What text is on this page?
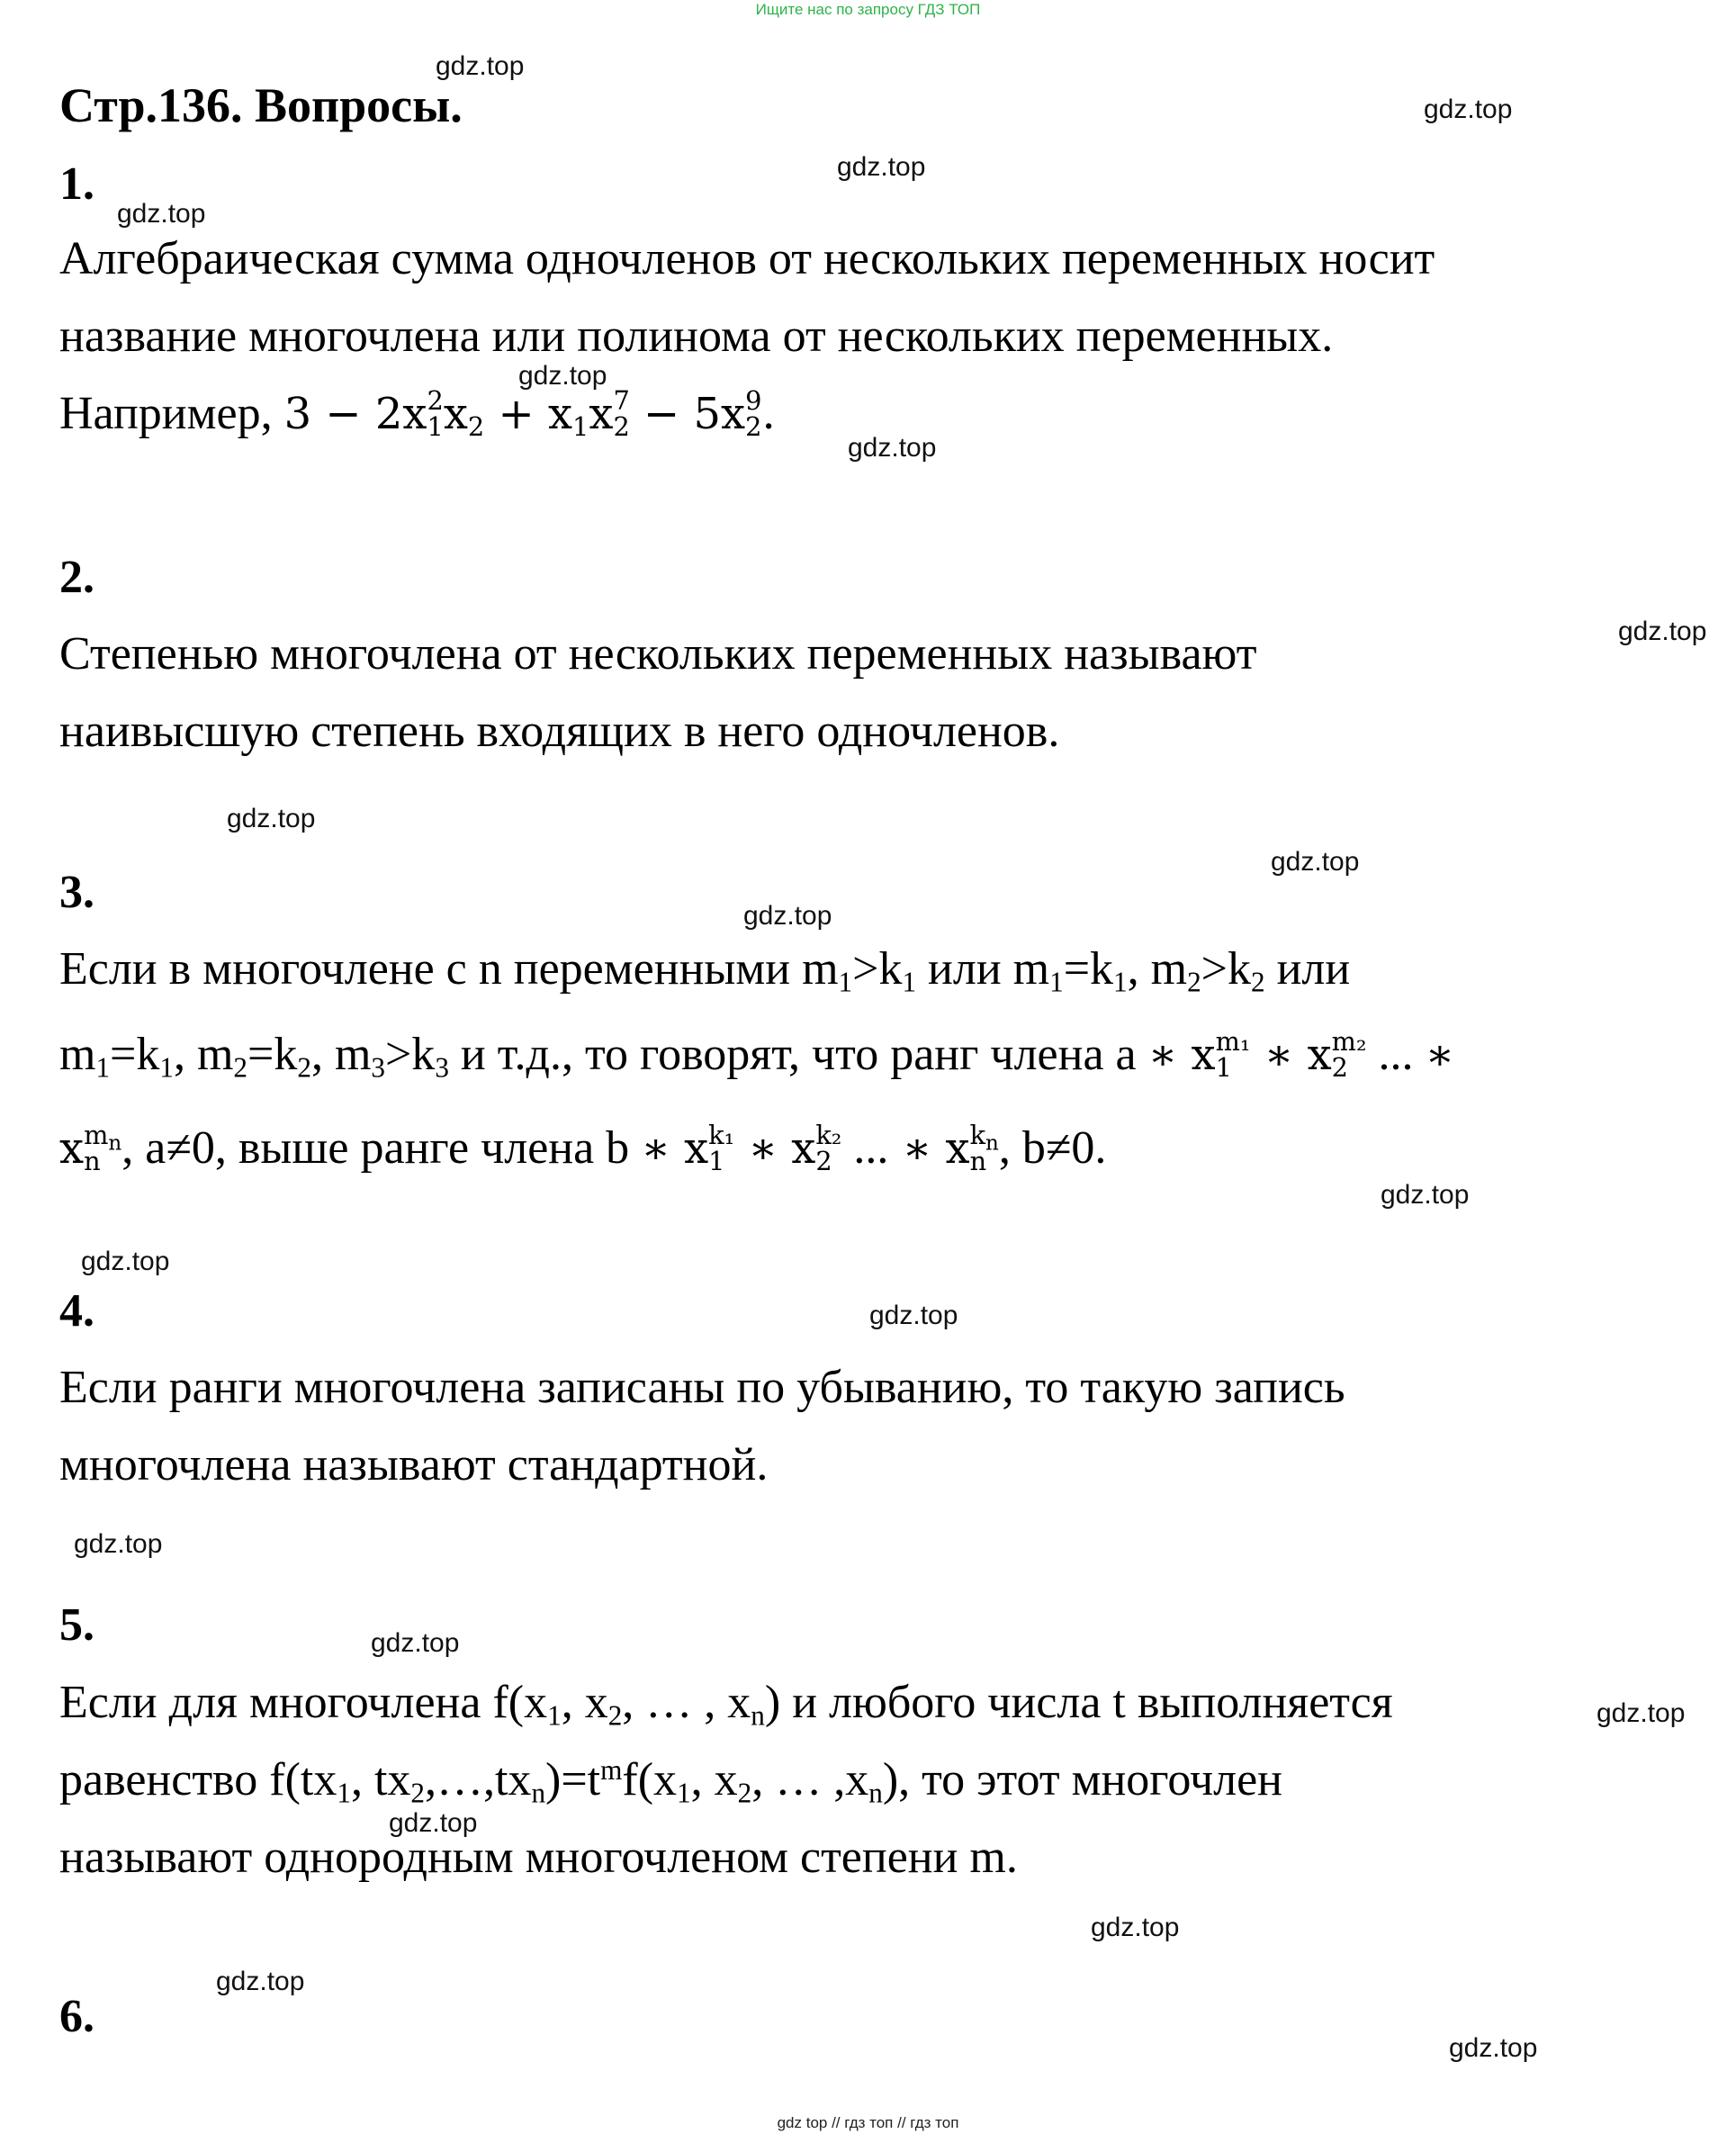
Ищите нас по запросу ГДЗ ТОП
Стр.136. Вопросы.
gdz.top
gdz.top
gdz.top
gdz.top
gdz.top
gdz.top
gdz.top
gdz.top
gdz.top
gdz.top
gdz.top
gdz.top
gdz.top
gdz.top
gdz.top
gdz.top
gdz.top
gdz.top
gdz.top
gdz.top
1.
Алгебраическая сумма одночленов от нескольких переменных носит
название многочлена или полинома от нескольких переменных.
Например, 3 − 2x 2
1 $x_2 + x_1x$ 7
2 − 5x 9
2 .
2.
Степенью многочлена от нескольких переменных называют
наивысшую степень входящих в него одночленов.
3.
Если в многочлене с n переменными $m_1>k_1$ или $m_1=k_1$, $m_2>k_2$ или
$m_1=k_1$, $m_2=k_2$, $m_3>k_3$ и т.д., то говорят, что ранг члена a ∗ x m₁
1 ∗ x m₂
2 ... ∗
x $m_n$
n , a≠0, выше ранге члена b ∗ x k₁
1 ∗ x k₂
2 ... ∗ x $k_n$
n , b≠0.
4.
Если ранги многочлена записаны по убыванию, то такую запись
многочлена называют стандартной.
5.
Если для многочлена $f(x_1$, $x_2$, … , $x_n$) и любого числа t выполняется
равенство $f(tx_1$, $tx_2,\dots,tx_n)=t^mf(x_1$, $x_2$, … $,x_n$), то этот многочлен
называют однородным многочленом степени m.
6.
gdz top // гдз топ // гдз топ
